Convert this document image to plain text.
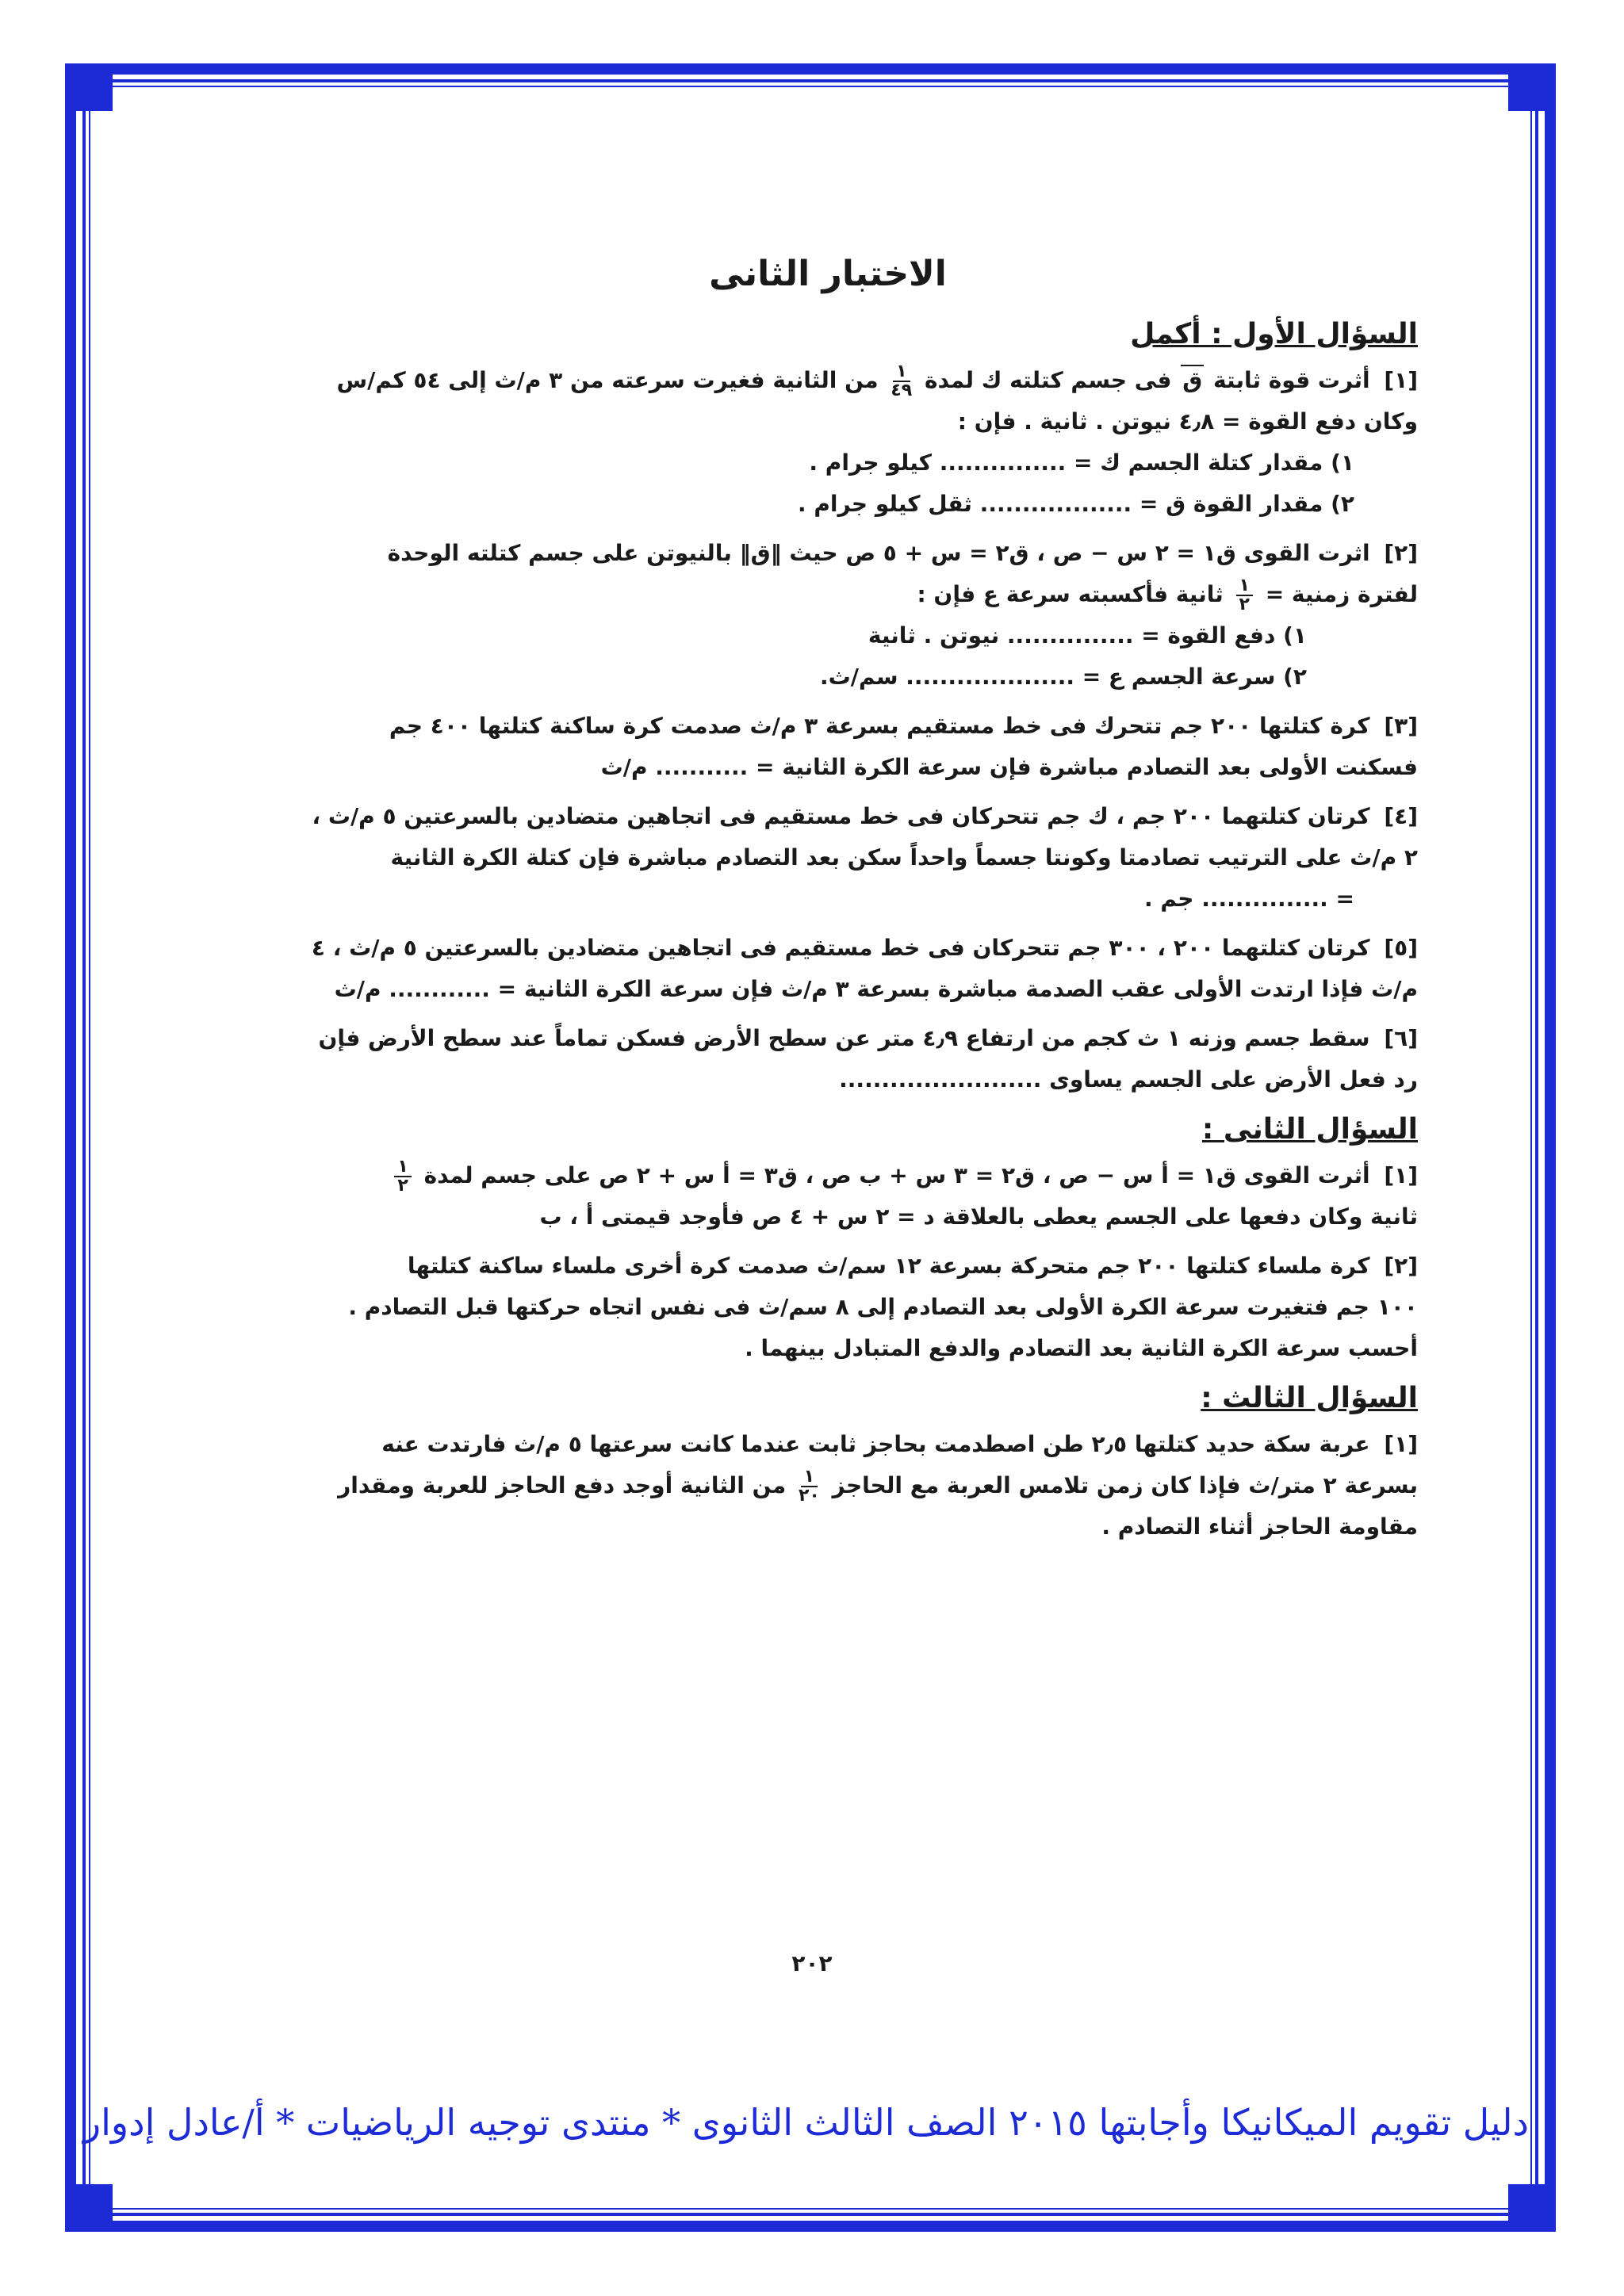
الاختبار الثانى
السؤال الأول : أكمل
[١] أثرت قوة ثابتة ق فى جسم كتلته ك لمدة
$\frac{١}{٤٩}$
من الثانية فغيرت سرعته من ٣ م/ث إلى ٥٤ كم/س
وكان دفع القوة = ٤٫٨ نيوتن . ثانية . فإن :
١) مقدار كتلة الجسم ك = ............... كيلو جرام .
٢) مقدار القوة ق = .................. ثقل كيلو جرام .
[٢] اثرت القوى ق١ = ٢ س − ص ، ق٢ = س + ٥ ص حيث ‖ق‖ بالنيوتن على جسم كتلته الوحدة
لفترة زمنية =
$\frac{١}{٢}$
ثانية فأكسبته سرعة ع فإن :
١) دفع القوة = ............... نيوتن . ثانية
٢) سرعة الجسم ع = .................... سم/ث.
[٣] كرة كتلتها ٢٠٠ جم تتحرك فى خط مستقيم بسرعة ٣ م/ث صدمت كرة ساكنة كتلتها ٤٠٠ جم
فسكنت الأولى بعد التصادم مباشرة فإن سرعة الكرة الثانية = ........... م/ث
[٤] كرتان كتلتهما ٢٠٠ جم ، ك جم تتحركان فى خط مستقيم فى اتجاهين متضادين بالسرعتين ٥ م/ث ،
٢ م/ث على الترتيب تصادمتا وكونتا جسماً واحداً سكن بعد التصادم مباشرة فإن كتلة الكرة الثانية
= ............... جم .
[٥] كرتان كتلتهما ٢٠٠ ، ٣٠٠ جم تتحركان فى خط مستقيم فى اتجاهين متضادين بالسرعتين ٥ م/ث ، ٤
م/ث فإذا ارتدت الأولى عقب الصدمة مباشرة بسرعة ٣ م/ث فإن سرعة الكرة الثانية = ............ م/ث
[٦] سقط جسم وزنه ١ ث كجم من ارتفاع ٤٫٩ متر عن سطح الأرض فسكن تماماً عند سطح الأرض فإن
رد فعل الأرض على الجسم يساوى ........................
السؤال الثانى :
[١] أثرت القوى ق١ = أ س − ص ، ق٢ = ٣ س + ب ص ، ق٣ = أ س + ٢ ص على جسم لمدة
$\frac{١}{٢}$
ثانية وكان دفعها على الجسم يعطى بالعلاقة د = ٢ س + ٤ ص فأوجد قيمتى أ ، ب
[٢] كرة ملساء كتلتها ٢٠٠ جم متحركة بسرعة ١٢ سم/ث صدمت كرة أخرى ملساء ساكنة كتلتها
١٠٠ جم فتغيرت سرعة الكرة الأولى بعد التصادم إلى ٨ سم/ث فى نفس اتجاه حركتها قبل التصادم .
أحسب سرعة الكرة الثانية بعد التصادم والدفع المتبادل بينهما .
السؤال الثالث :
[١] عربة سكة حديد كتلتها ٢٫٥ طن اصطدمت بحاجز ثابت عندما كانت سرعتها ٥ م/ث فارتدت عنه
بسرعة ٢ متر/ث فإذا كان زمن تلامس العربة مع الحاجز
$\frac{١}{٢٠}$
من الثانية أوجد دفع الحاجز للعربة ومقدار
مقاومة الحاجز أثناء التصادم .
٢٠٢
دليل تقويم الميكانيكا وأجابتها ٢٠١٥ الصف الثالث الثانوى * منتدى توجيه الرياضيات * أ/عادل إدوار
